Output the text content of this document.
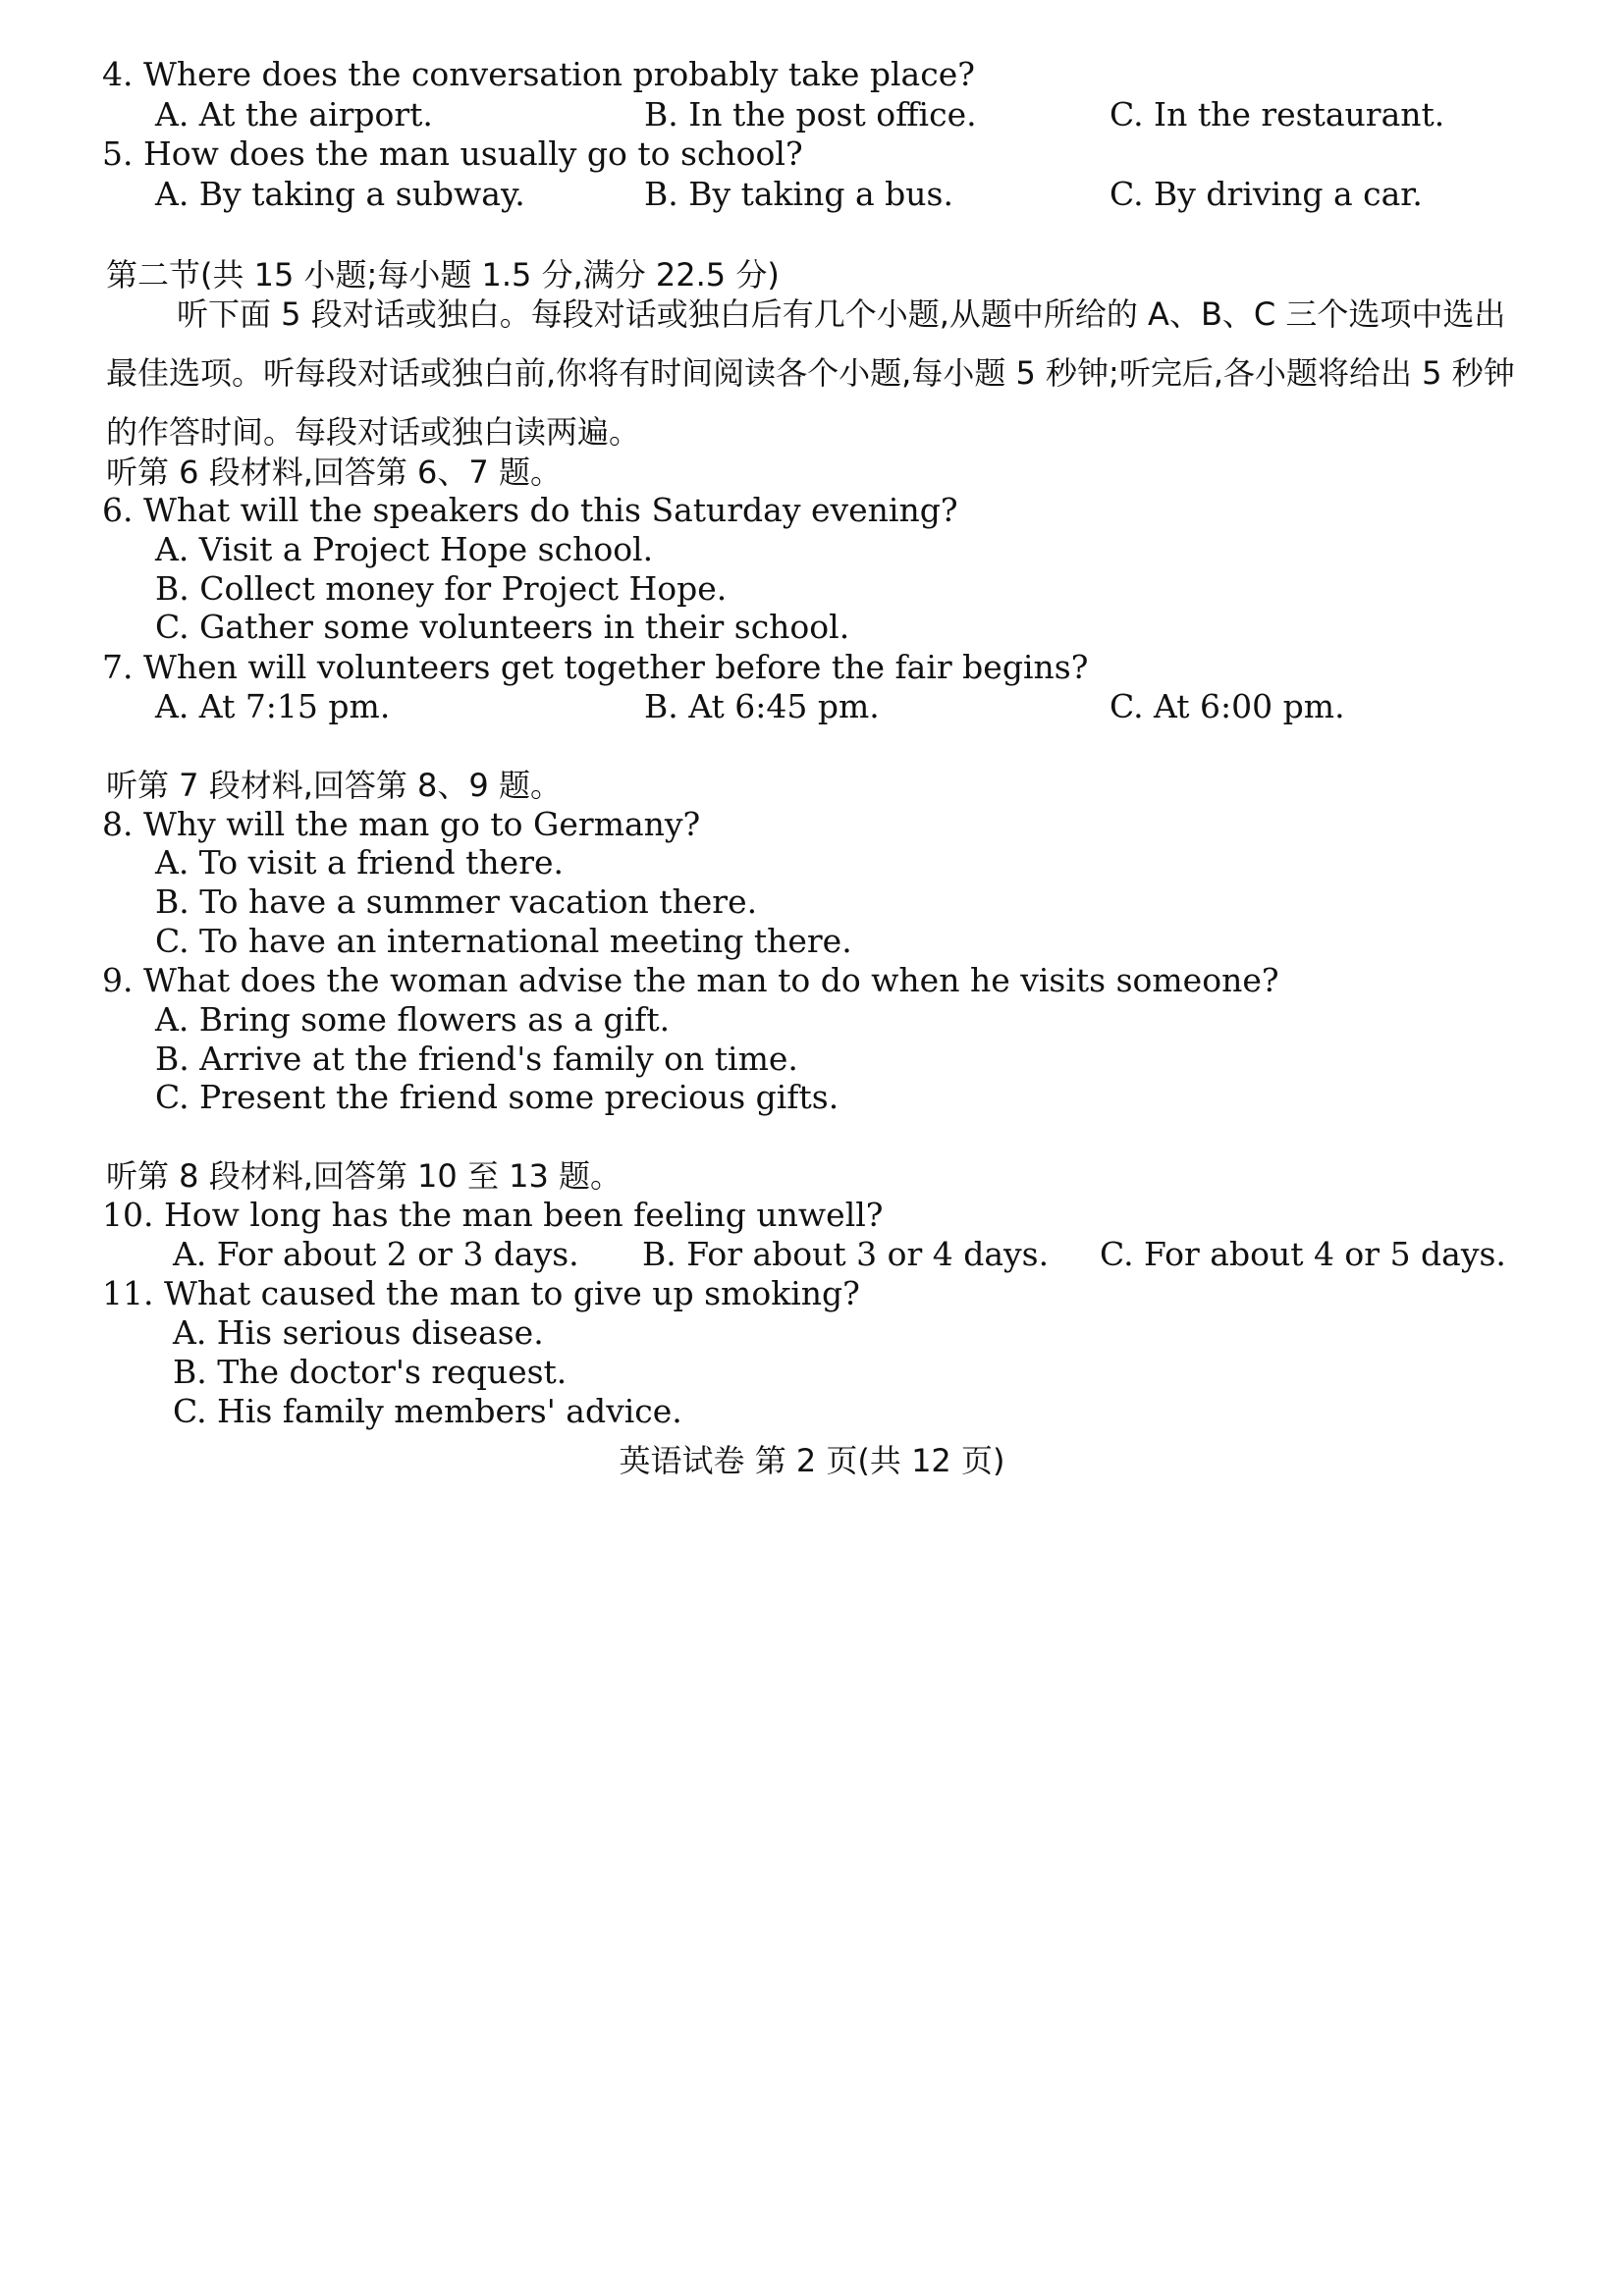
4. Where does the conversation probably take place?
A. At the airport.	B. In the post office.	C. In the restaurant.
5. How does the man usually go to school?
A. By taking a subway.	B. By taking a bus.	C. By driving a car.
第二节(共 15 小题;每小题 1.5 分,满分 22.5 分)
听下面 5 段对话或独白。每段对话或独白后有几个小题,从题中所给的 A、B、C 三个选项中选出最佳选项。听每段对话或独白前,你将有时间阅读各个小题,每小题 5 秒钟;听完后,各小题将给出 5 秒钟的作答时间。每段对话或独白读两遍。
听第 6 段材料,回答第 6、7 题。
6. What will the speakers do this Saturday evening?
A. Visit a Project Hope school.
B. Collect money for Project Hope.
C. Gather some volunteers in their school.
7. When will volunteers get together before the fair begins?
A. At 7:15 pm.	B. At 6:45 pm.	C. At 6:00 pm.
听第 7 段材料,回答第 8、9 题。
8. Why will the man go to Germany?
A. To visit a friend there.
B. To have a summer vacation there.
C. To have an international meeting there.
9. What does the woman advise the man to do when he visits someone?
A. Bring some flowers as a gift.
B. Arrive at the friend's family on time.
C. Present the friend some precious gifts.
听第 8 段材料,回答第 10 至 13 题。
10. How long has the man been feeling unwell?
A. For about 2 or 3 days. B. For about 3 or 4 days. C. For about 4 or 5 days.
11. What caused the man to give up smoking?
A. His serious disease.
B. The doctor's request.
C. His family members' advice.
英语试卷 第 2 页(共 12 页)
